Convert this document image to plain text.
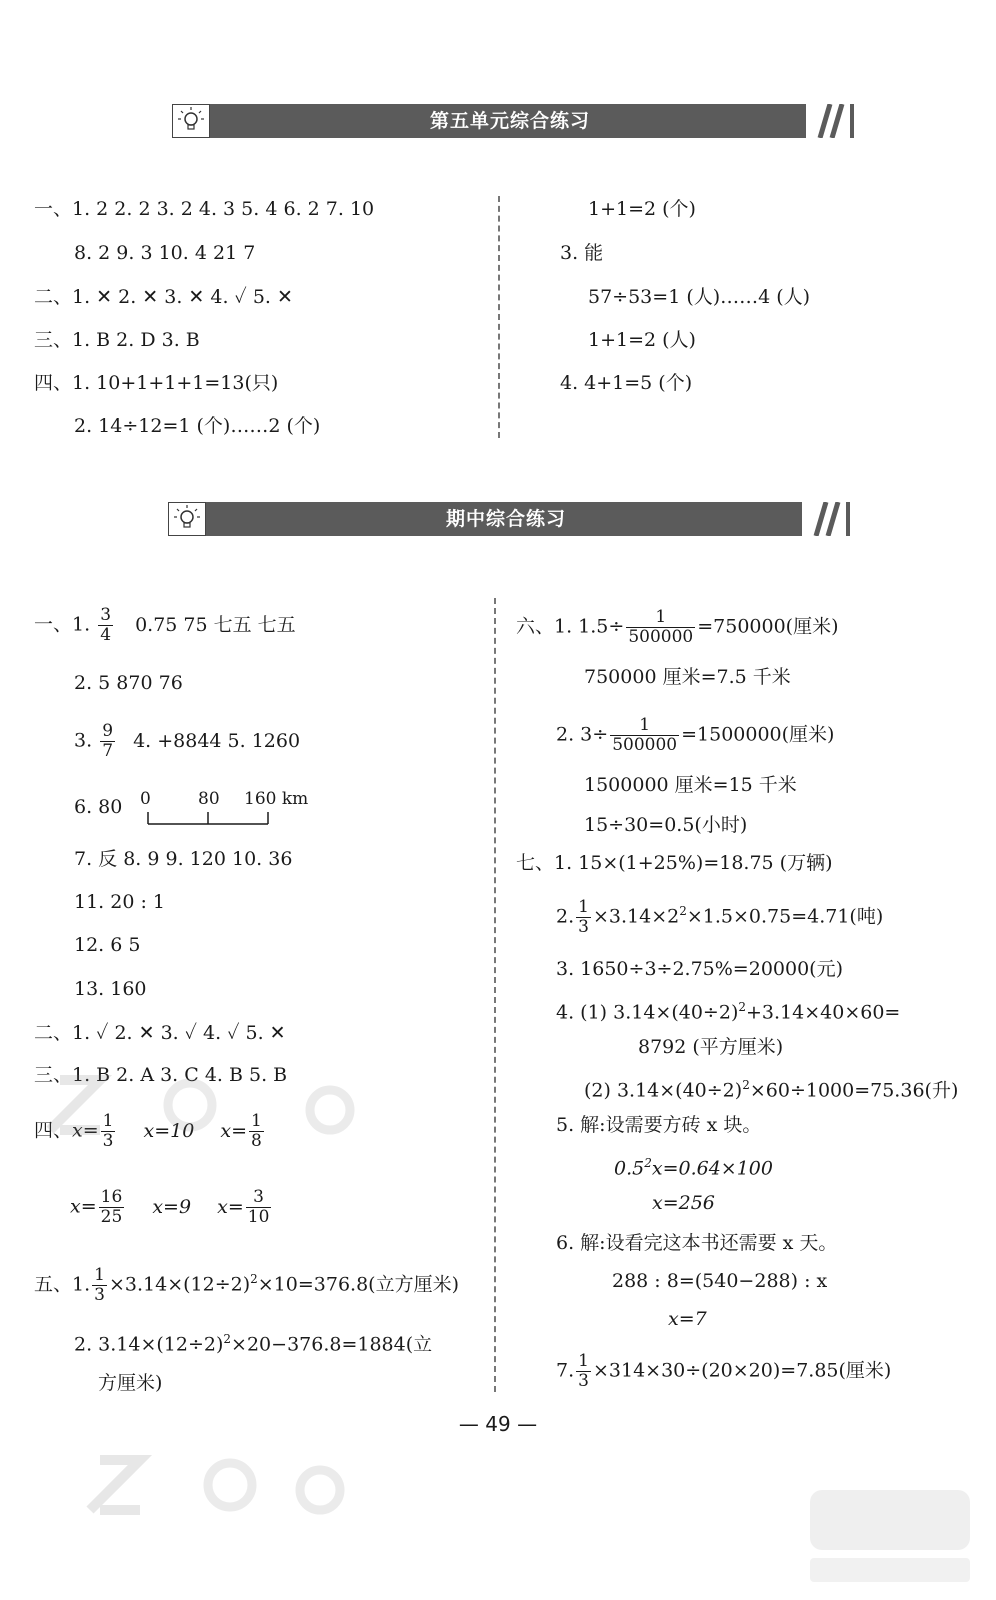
第五单元综合练习
一、1. 2 2. 2 3. 2 4. 3 5. 4 6. 2 7. 10
8. 2 9. 3 10. 4 21 7
二、1. ✕ 2. ✕ 3. ✕ 4. ✓ 5. ✕
三、1. B 2. D 3. B
四、1. 10+1+1+1=13(只)
2. 14÷12=1 (个)……2 (个)
1+1=2 (个)
3. 能
57÷53=1 (人)……4 (人)
1+1=2 (人)
4. 4+1=5 (个)
期中综合练习
一、1. $\frac{3}{4} 0.75$ 75 七五 七五
2. 5 870 76
3. $\frac{9}{7} 4$. +8844 5. 1260
6. 80 0	80 160 km
7. 反 8. 9 9. 120 10. 36
11. 20 : 1
12. 6 5
13. 160
二、1. ✓ 2. ✕ 3. ✓ 4. ✓ 5. ✕
三、1. B 2. A 3. C 4. B 5. B
四、$x= \frac{1}{3} x=10$ $x= \frac{1}{8}$
$x= \frac{16}{25} x=9$ $x= \frac{3}{10}$
五、1. $\frac{1}{3} \times 3.14\times(12\div 2)^2\times 10=376.8$(立方厘米)
2. $3.14\times(12\div 2)^2\times 20-376.8=1884$(立
方厘米)
六、1. $1.5\div \frac{1}{500000} =750000$(厘米)
750000 厘米=7.5 千米
2. $3\div \frac{1}{500000} =1500000$(厘米)
1500000 厘米=15 千米
15÷30=0.5(小时)
七、1. 15×(1+25%)=18.75 (万辆)
2. $\frac{1}{3} \times 3.14\times 2^2\times 1.5\times 0.75=4.71$(吨)
3. 1650÷3÷2.75%=20000(元)
4. (1) $3.14\times(40\div 2)^2+3.14\times 40\times 60=$
8792 (平方厘米)
(2) $3.14\times(40\div 2)^2\times 60\div 1000=75.36$(升)
5. 解:设需要方砖 x 块。
$0.5^2x=0.64\times 100$
x=256
6. 解:设看完这本书还需要 x 天。
288 : 8=(540−288) : x
x=7
7. $\frac{1}{3} \times 314\times 30\div(20\times 20)=7.85$(厘米)
— 49 —
